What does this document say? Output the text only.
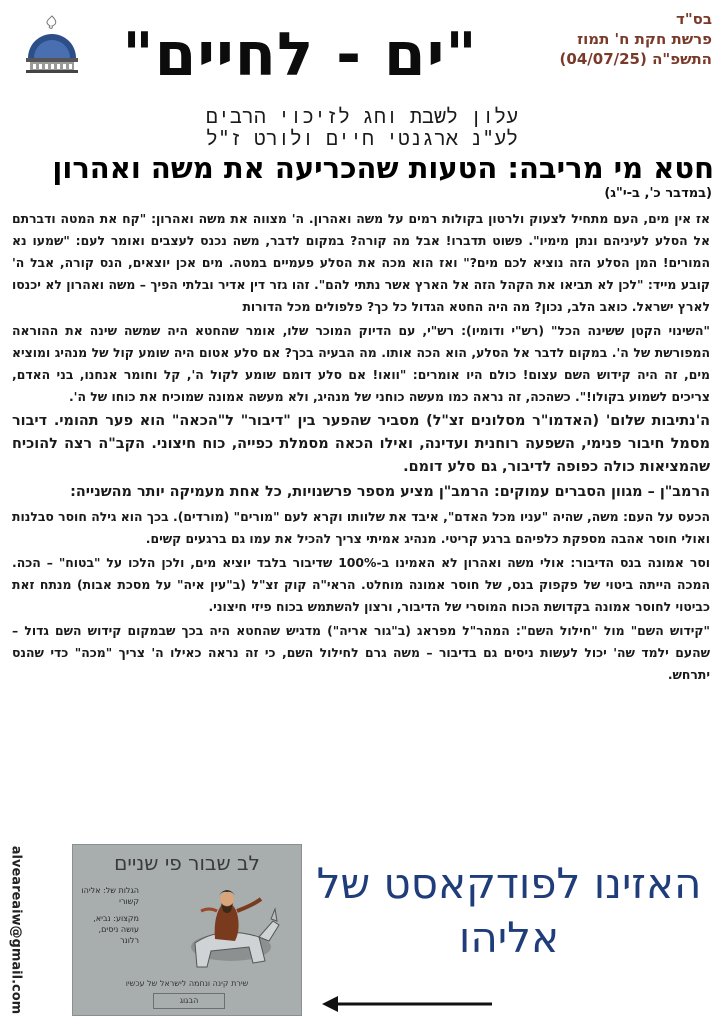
"ים - לחיים"
בס"ד
פרשת חקת ח' תמוז
התשפ"ה (04/07/25)
עלון לשבת וחג לזיכוי הרבים
לע"נ ארגנטי חיים ולורט ז"ל
חטא מי מריבה: הטעות שהכריעה את משה ואהרון
(במדבר כ', ב-י"ג)

אז אין מים, העם מתחיל לצעוק ולרטון בקולות רמים על משה ואהרון. ה' מצווה את משה ואהרון: "קח את המטה ודברתם אל הסלע לעיניהם ונתן מימיו". פשוט תדברו! אבל מה קורה? במקום לדבר, משה נכנס לעצבים ואומר לעם: "שמעו נא המורים! המן הסלע הזה נוציא לכם מים?" ואז הוא מכה את הסלע פעמיים במטה. מים אכן יוצאים, הנס קורה, אבל ה' קובע מייד: "לכן לא תביאו את הקהל הזה אל הארץ אשר נתתי להם". זהו גזר דין אדיר ובלתי הפיך – משה ואהרון לא יכנסו לארץ ישראל. כואב הלב, נכון? מה היה החטא הגדול כל כך? פלפולים מכל הדורות

"השינוי הקטן ששינה הכל" (רש"י ודומיו): רש"י, עם הדיוק המוכר שלו, אומר שהחטא היה שמשה שינה את ההוראה המפורשת של ה'. במקום לדבר אל הסלע, הוא הכה אותו. מה הבעיה בכך? אם סלע אטום היה שומע קול של מנהיג ומוציא מים, זה היה קידוש השם עצום! כולם היו אומרים: "וואו! אם סלע דומם שומע לקול ה', קל וחומר אנחנו, בני האדם, צריכים לשמוע בקולו!". כשהכה, זה נראה כמו מעשה כוחני של מנהיג, ולא מעשה אמונה שמוכיח את כוחו של ה'.

ה'נתיבות שלום' (האדמו"ר מסלונים זצ"ל) מסביר שהפער בין "דיבור" ל"הכאה" הוא פער תהומי. דיבור מסמל חיבור פנימי, השפעה רוחנית ועדינה, ואילו הכאה מסמלת כפייה, כוח חיצוני. הקב"ה רצה להוכיח שהמציאות כולה כפופה לדיבור, גם סלע דומם.

הרמב"ן – מגוון הסברים עמוקים: הרמב"ן מציע מספר פרשנויות, כל אחת מעמיקה יותר מהשנייה:

הכעס על העם: משה, שהיה "עניו מכל האדם", איבד את שלוותו וקרא לעם "מורים" (מורדים). בכך הוא גילה חוסר סבלנות ואולי חוסר אהבה מספקת כלפיהם ברגע קריטי. מנהיג אמיתי צריך להכיל את עמו גם ברגעים קשים.

וסר אמונה בנס הדיבור: אולי משה ואהרון לא האמינו ב-100% שדיבור בלבד יוציא מים, ולכן הלכו על "בטוח" – הכה. המכה הייתה ביטוי של פקפוק בנס, של חוסר אמונה מוחלט. הראי"ה קוק זצ"ל (ב"עין איה" על מסכת אבות) מנתח זאת כביטוי לחוסר אמונה בקדושת הכוח המוסרי של הדיבור, ורצון להשתמש בכוח פיזי חיצוני.

"קידוש השם" מול "חילול השם": המהר"ל מפראג (ב"גור אריה") מדגיש שהחטא היה בכך שבמקום קידוש השם גדול – שהעם ילמד שה' יכול לעשות ניסים גם בדיבור – משה גרם לחילול השם, כי זה נראה כאילו ה' צריך "מכה" כדי שהנס יתרחש.

alveareaiw@gmail.com	לב שבור פי שניים
הגלות של: אליהו קשורי
מקצוע: נביא, עושה ניסים, רלונר
שירת קינה ונחמה לישראל של עכשיו
הבגוג
האזינו לפודקאסט של
אליהו
